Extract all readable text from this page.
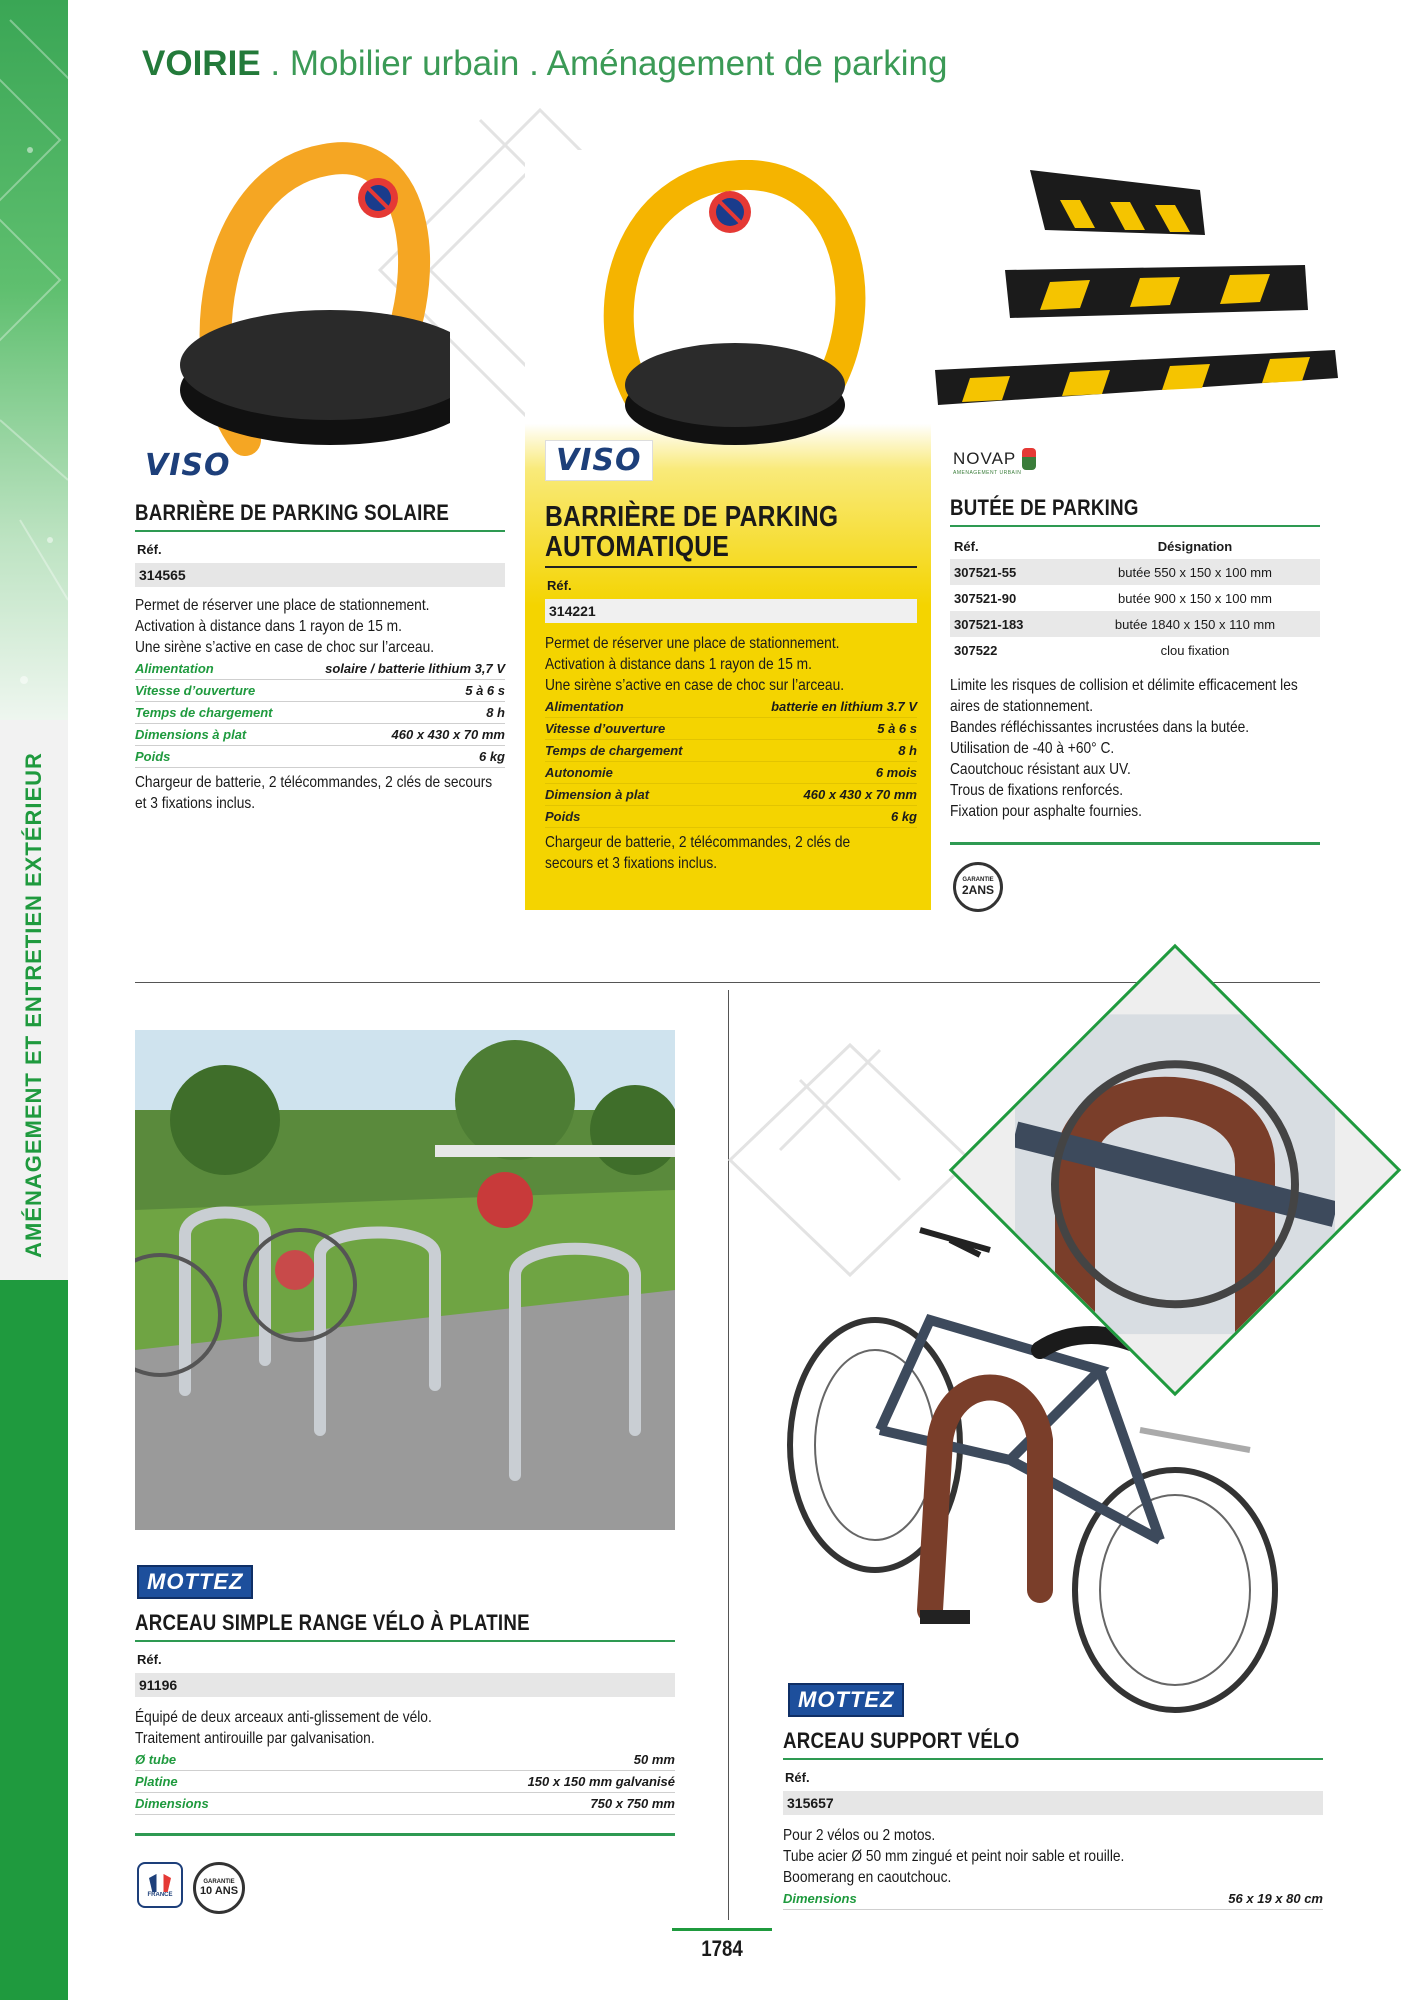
AMÉNAGEMENT ET ENTRETIEN EXTÉRIEUR
VOIRIE . Mobilier urbain . Aménagement de parking
VISO
BARRIÈRE DE PARKING SOLAIRE
Réf.
314565
Permet de réserver une place de stationnement.
Activation à distance dans 1 rayon de 15 m.
Une sirène s’active en case de choc sur l’arceau.
Alimentation	solaire / batterie lithium 3,7 V
Vitesse d’ouverture	5 à 6 s
Temps de chargement	8 h
Dimensions à plat	460 x 430 x 70 mm
Poids	6 kg
Chargeur de batterie, 2 télécommandes, 2 clés de secours
et 3 fixations inclus.
VISO
BARRIÈRE DE PARKING
AUTOMATIQUE
Réf.
314221
Permet de réserver une place de stationnement.
Activation à distance dans 1 rayon de 15 m.
Une sirène s’active en case de choc sur l’arceau.
Alimentation	batterie en lithium 3.7 V
Vitesse d’ouverture	5 à 6 s
Temps de chargement	8 h
Autonomie	6 mois
Dimension à plat	460 x 430 x 70 mm
Poids	6 kg
Chargeur de batterie, 2 télécommandes, 2 clés de
secours et 3 fixations inclus.
NOVAP
AMENAGEMENT URBAIN
BUTÉE DE PARKING
Réf.	Désignation
307521-55	butée 550 x 150 x 100 mm
307521-90	butée 900 x 150 x 100 mm
307521-183	butée 1840 x 150 x 110 mm
307522	clou fixation
Limite les risques de collision et délimite efficacement les
aires de stationnement.
Bandes réfléchissantes incrustées dans la butée.
Utilisation de -40 à +60° C.
Caoutchouc résistant aux UV.
Trous de fixations renforcés.
Fixation pour asphalte fournies.
GARANTIE
2ANS
MOTTEZ
ARCEAU SIMPLE RANGE VÉLO À PLATINE
Réf.
91196
Équipé de deux arceaux anti-glissement de vélo.
Traitement antirouille par galvanisation.
Ø tube	50 mm
Platine	150 x 150 mm galvanisé
Dimensions	750 x 750 mm
FRANCE
GARANTIE
10 ANS
MOTTEZ
ARCEAU SUPPORT VÉLO
Réf.
315657
Pour 2 vélos ou 2 motos.
Tube acier Ø 50 mm zingué et peint noir sable et rouille.
Boomerang en caoutchouc.
Dimensions	56 x 19 x 80 cm
1784
